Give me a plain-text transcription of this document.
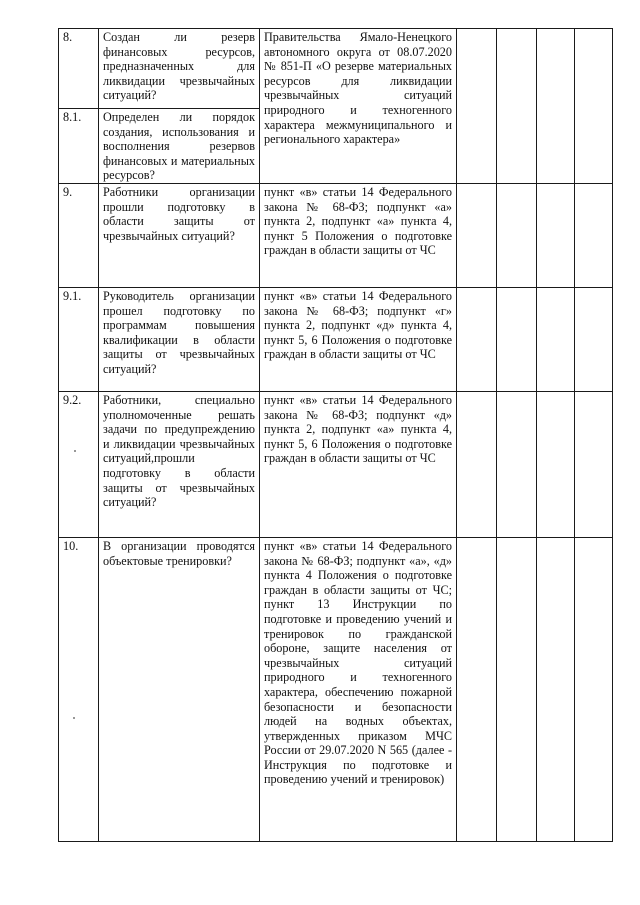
8.	Создан ли резерв финансовых ресурсов, предназначенных для ликвидации чрезвычайных ситуаций?	Правительства Ямало-Ненецкого автономного округа от 08.07.2020 № 851-П «О резерве материальных ресурсов для ликвидации чрезвычайных ситуаций природного и техногенного характера межмуниципального и регионального характера»				
8.1.	Определен ли порядок создания, использования и восполнения резервов финансовых и материальных ресурсов?					
9.	Работники организации прошли подготовку в области защиты от чрезвычайных ситуаций?	пункт «в» статьи 14 Федерального закона № 68-ФЗ; подпункт «а» пункта 2, подпункт «а» пункта 4, пункт 5 Положения о подготовке граждан в области защиты от ЧС				
9.1.	Руководитель организации прошел подготовку по программам повышения квалификации в области защиты от чрезвычайных ситуаций?	пункт «в» статьи 14 Федерального закона № 68-ФЗ; подпункт «г» пункта 2, подпункт «д» пункта 4, пункт 5, 6 Положения о подготовке граждан в области защиты от ЧС				
9.2.	Работники, специально уполномоченные решать задачи по предупреждению и ликвидации чрезвычайных ситуаций,прошли подготовку в области защиты от чрезвычайных ситуаций?	пункт «в» статьи 14 Федерального закона № 68-ФЗ; подпункт «д» пункта 2, подпункт «а» пункта 4, пункт 5, 6 Положения о подготовке граждан в области защиты от ЧС				
10.	В организации проводятся объектовые тренировки?	пункт «в» статьи 14 Федерального закона № 68-ФЗ; подпункт «а», «д» пункта 4 Положения о подготовке граждан в области защиты от ЧС; пункт 13 Инструкции по подготовке и проведению учений и тренировок по гражданской обороне, защите населения от чрезвычайных ситуаций природного и техногенного характера, обеспечению пожарной безопасности и безопасности людей на водных объектах, утвержденных приказом МЧС России от 29.07.2020 N 565 (далее - Инструкция по подготовке и проведению учений и тренировок)				
